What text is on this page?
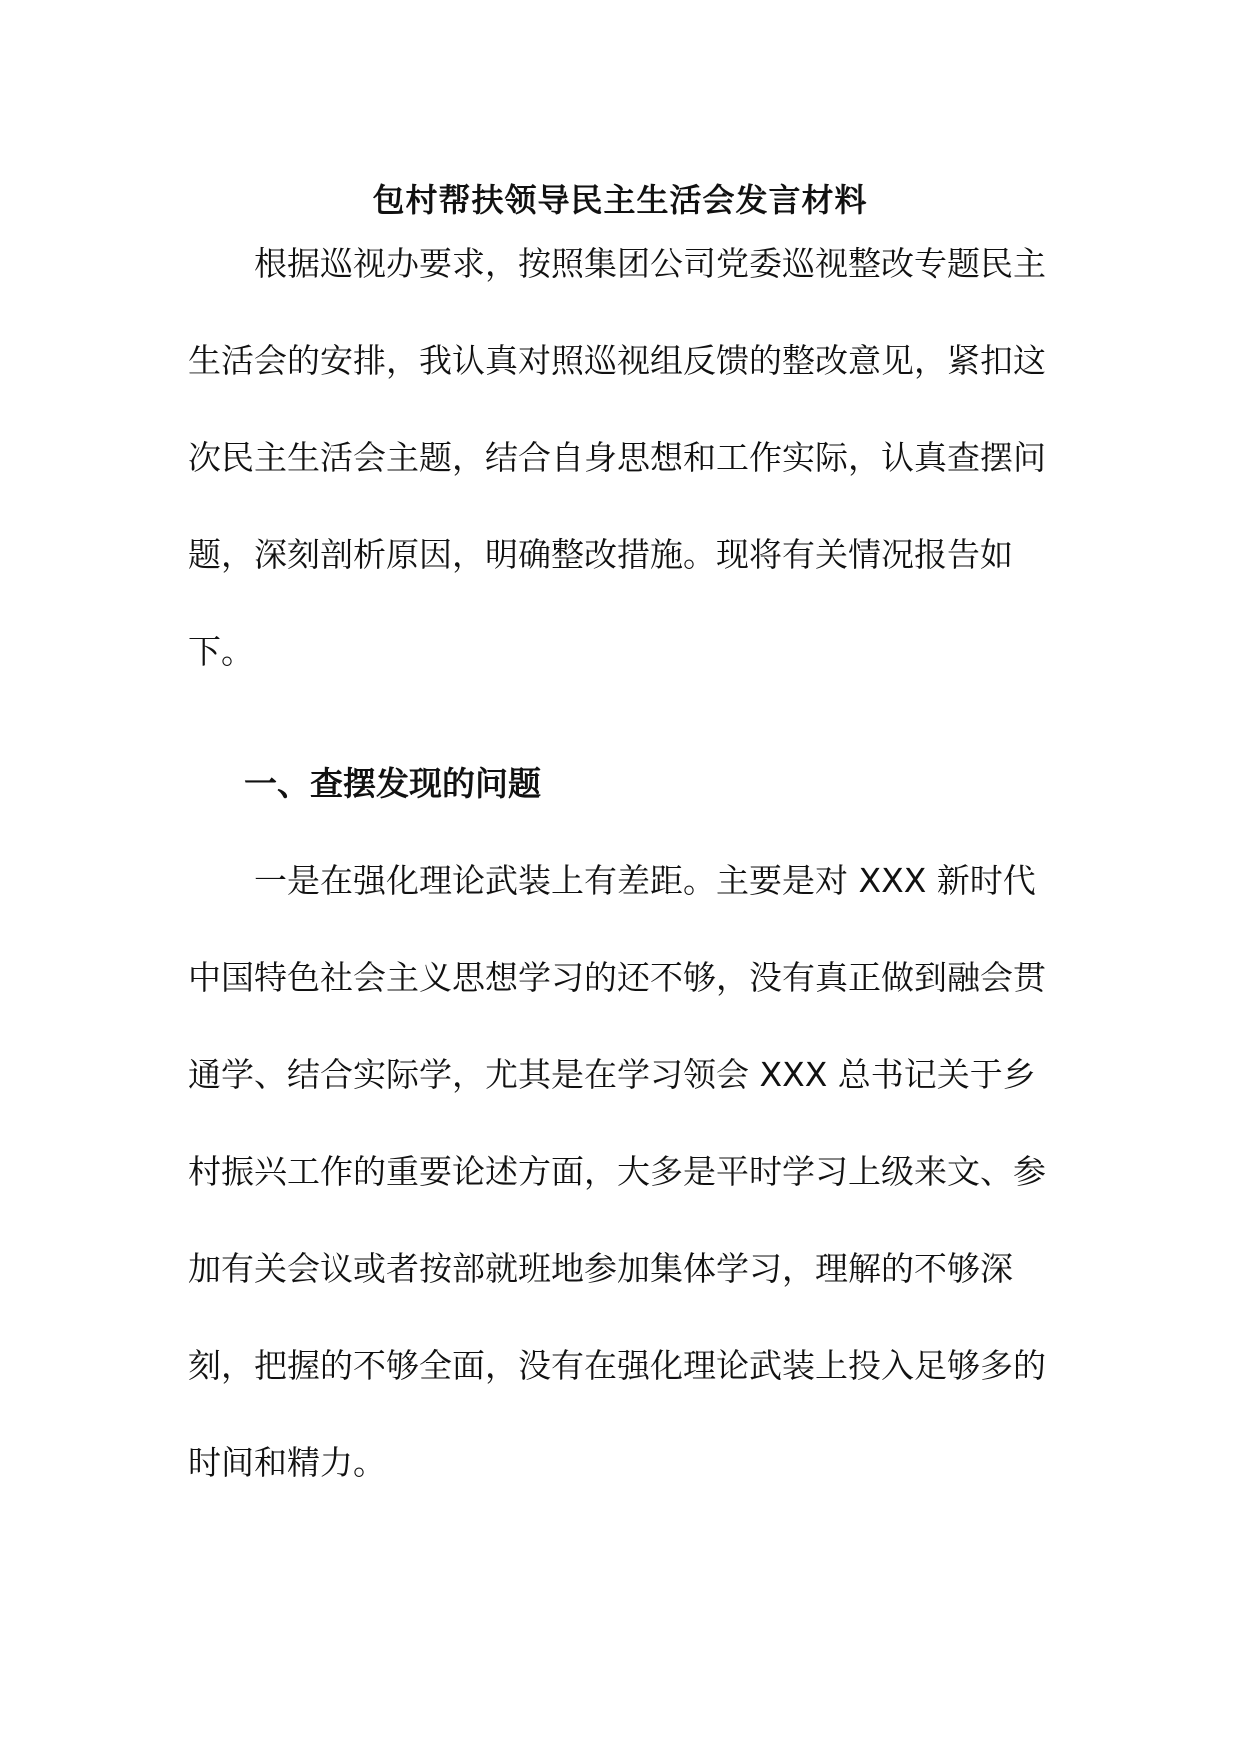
包村帮扶领导民主生活会发言材料

根据巡视办要求，按照集团公司党委巡视整改专题民主生活会的安排，我认真对照巡视组反馈的整改意见，紧扣这次民主生活会主题，结合自身思想和工作实际，认真查摆问题，深刻剖析原因，明确整改措施。现将有关情况报告如下。

一、查摆发现的问题

一是在强化理论武装上有差距。主要是对 XXX 新时代中国特色社会主义思想学习的还不够，没有真正做到融会贯通学、结合实际学，尤其是在学习领会 XXX 总书记关于乡村振兴工作的重要论述方面，大多是平时学习上级来文、参加有关会议或者按部就班地参加集体学习，理解的不够深刻，把握的不够全面，没有在强化理论武装上投入足够多的时间和精力。
